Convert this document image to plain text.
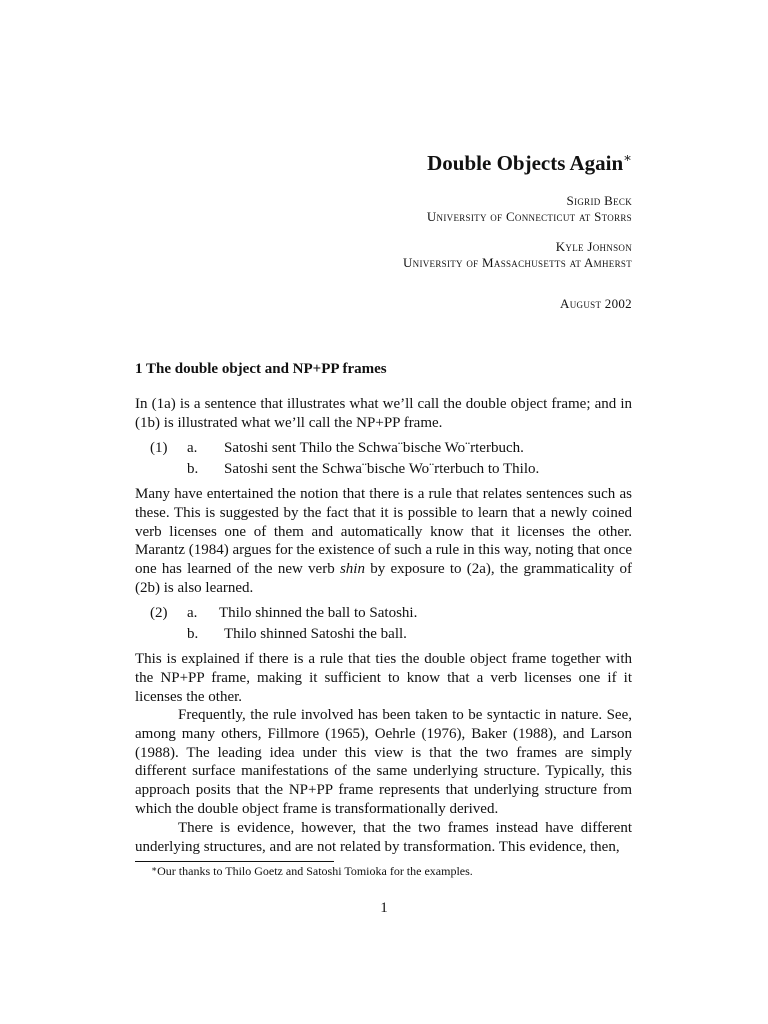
Double Objects Again∗
Sigrid Beck
University of Connecticut at Storrs
Kyle Johnson
University of Massachusetts at Amherst
August 2002
1 The double object and NP+PP frames

In (1a) is a sentence that illustrates what we’ll call the double object frame; and in (1b) is illustrated what we’ll call the NP+PP frame.

(1) a. Satoshi sent Thilo the Schwa¨bische Wo¨rterbuch.
b. Satoshi sent the Schwa¨bische Wo¨rterbuch to Thilo.

Many have entertained the notion that there is a rule that relates sentences such as these. This is suggested by the fact that it is possible to learn that a newly coined verb licenses one of them and automatically know that it licenses the other. Marantz (1984) argues for the existence of such a rule in this way, noting that once one has learned of the new verb shin by exposure to (2a), the grammaticality of (2b) is also learned.

(2) a. Thilo shinned the ball to Satoshi.
b. Thilo shinned Satoshi the ball.

This is explained if there is a rule that ties the double object frame together with the NP+PP frame, making it sufficient to know that a verb licenses one if it licenses the other.

Frequently, the rule involved has been taken to be syntactic in nature. See, among many others, Fillmore (1965), Oehrle (1976), Baker (1988), and Larson (1988). The leading idea under this view is that the two frames are simply different surface manifestations of the same underlying structure. Typically, this approach posits that the NP+PP frame represents that underlying structure from which the double object frame is transformationally derived.

There is evidence, however, that the two frames instead have different underlying structures, and are not related by transformation. This evidence, then,

∗Our thanks to Thilo Goetz and Satoshi Tomioka for the examples.
1
